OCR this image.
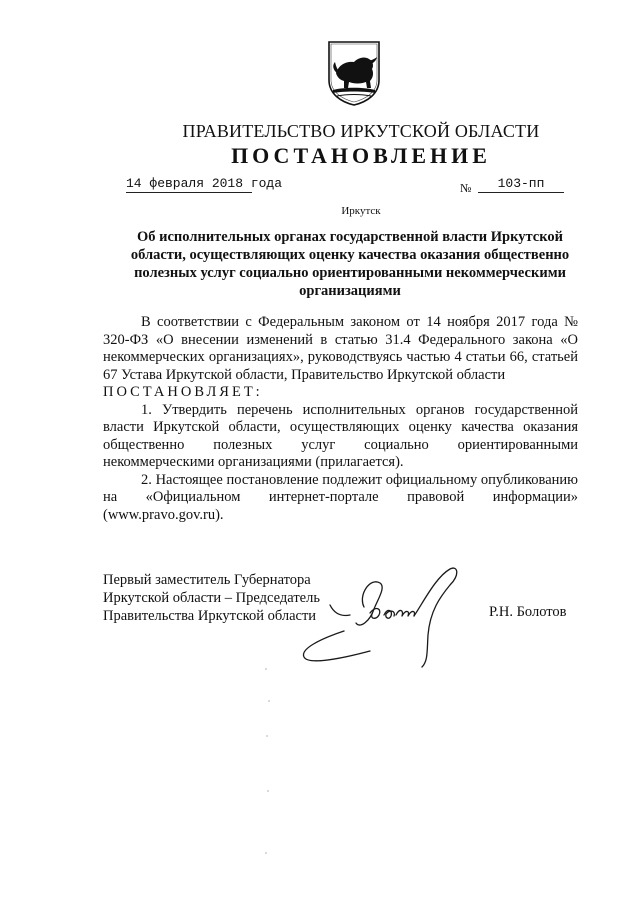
ПРАВИТЕЛЬСТВО ИРКУТСКОЙ ОБЛАСТИ
ПОСТАНОВЛЕНИЕ
14 февраля 2018 года	№	103-пп
Иркутск
Об исполнительных органах государственной власти Иркутской области, осуществляющих оценку качества оказания общественно полезных услуг социально ориентированными некоммерческими организациями

В соответствии с Федеральным законом от 14 ноября 2017 года № 320-ФЗ «О внесении изменений в статью 31.4 Федерального закона «О некоммерческих организациях», руководствуясь частью 4 статьи 66, статьей 67 Устава Иркутской области, Правительство Иркутской области

ПОСТАНОВЛЯЕТ:

1. Утвердить перечень исполнительных органов государственной власти Иркутской области, осуществляющих оценку качества оказания общественно полезных услуг социально ориентированными некоммерческими организациями (прилагается).

2. Настоящее постановление подлежит официальному опубликованию на «Официальном интернет-портале правовой информации» (www.pravo.gov.ru).

Первый заместитель Губернатора
Иркутской области – Председатель
Правительства Иркутской области	Р.Н. Болотов
